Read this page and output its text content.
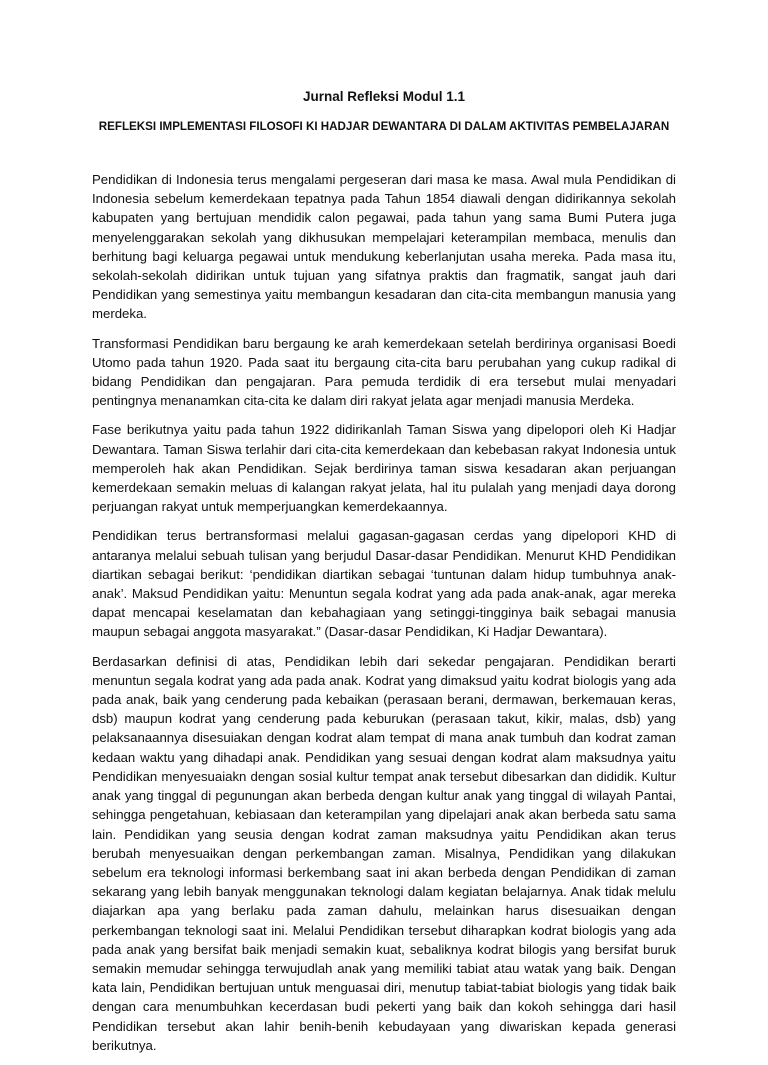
Jurnal Refleksi Modul 1.1
REFLEKSI IMPLEMENTASI FILOSOFI KI HADJAR DEWANTARA DI DALAM AKTIVITAS PEMBELAJARAN

Pendidikan di Indonesia terus mengalami pergeseran dari masa ke masa. Awal mula Pendidikan di Indonesia sebelum kemerdekaan tepatnya pada Tahun 1854 diawali dengan didirikannya sekolah kabupaten yang bertujuan mendidik calon pegawai, pada tahun yang sama Bumi Putera juga menyelenggarakan sekolah yang dikhusukan mempelajari keterampilan membaca, menulis dan berhitung bagi keluarga pegawai untuk mendukung keberlanjutan usaha mereka. Pada masa itu, sekolah-sekolah didirikan untuk tujuan yang sifatnya praktis dan fragmatik, sangat jauh dari Pendidikan yang semestinya yaitu membangun kesadaran dan cita-cita membangun manusia yang merdeka.

Transformasi Pendidikan baru bergaung ke arah kemerdekaan setelah berdirinya organisasi Boedi Utomo pada tahun 1920. Pada saat itu bergaung cita-cita baru perubahan yang cukup radikal di bidang Pendidikan dan pengajaran. Para pemuda terdidik di era tersebut mulai menyadari pentingnya menanamkan cita-cita ke dalam diri rakyat jelata agar menjadi manusia Merdeka.

Fase berikutnya yaitu pada tahun 1922 didirikanlah Taman Siswa yang dipelopori oleh Ki Hadjar Dewantara. Taman Siswa terlahir dari cita-cita kemerdekaan dan kebebasan rakyat Indonesia untuk memperoleh hak akan Pendidikan. Sejak berdirinya taman siswa kesadaran akan perjuangan kemerdekaan semakin meluas di kalangan rakyat jelata, hal itu pulalah yang menjadi daya dorong perjuangan rakyat untuk memperjuangkan kemerdekaannya.

Pendidikan terus bertransformasi melalui gagasan-gagasan cerdas yang dipelopori KHD di antaranya melalui sebuah tulisan yang berjudul Dasar-dasar Pendidikan. Menurut KHD Pendidikan diartikan sebagai berikut: ‘pendidikan diartikan sebagai ‘tuntunan dalam hidup tumbuhnya anak-anak’. Maksud Pendidikan yaitu: Menuntun segala kodrat yang ada pada anak-anak, agar mereka dapat mencapai keselamatan dan kebahagiaan yang setinggi-tingginya baik sebagai manusia maupun sebagai anggota masyarakat.” (Dasar-dasar Pendidikan, Ki Hadjar Dewantara).

Berdasarkan definisi di atas, Pendidikan lebih dari sekedar pengajaran. Pendidikan berarti menuntun segala kodrat yang ada pada anak. Kodrat yang dimaksud yaitu kodrat biologis yang ada pada anak, baik yang cenderung pada kebaikan (perasaan berani, dermawan, berkemauan keras, dsb) maupun kodrat yang cenderung pada keburukan (perasaan takut, kikir, malas, dsb) yang pelaksanaannya disesuiakan dengan kodrat alam tempat di mana anak tumbuh dan kodrat zaman kedaan waktu yang dihadapi anak. Pendidikan yang sesuai dengan kodrat alam maksudnya yaitu Pendidikan menyesuaiakn dengan sosial kultur tempat anak tersebut dibesarkan dan dididik. Kultur anak yang tinggal di pegunungan akan berbeda dengan kultur anak yang tinggal di wilayah Pantai, sehingga pengetahuan, kebiasaan dan keterampilan yang dipelajari anak akan berbeda satu sama lain. Pendidikan yang seusia dengan kodrat zaman maksudnya yaitu Pendidikan akan terus berubah menyesuaikan dengan perkembangan zaman. Misalnya, Pendidikan yang dilakukan sebelum era teknologi informasi berkembang saat ini akan berbeda dengan Pendidikan di zaman sekarang yang lebih banyak menggunakan teknologi dalam kegiatan belajarnya. Anak tidak melulu diajarkan apa yang berlaku pada zaman dahulu, melainkan harus disesuaikan dengan perkembangan teknologi saat ini. Melalui Pendidikan tersebut diharapkan kodrat biologis yang ada pada anak yang bersifat baik menjadi semakin kuat, sebaliknya kodrat bilogis yang bersifat buruk semakin memudar sehingga terwujudlah anak yang memiliki tabiat atau watak yang baik. Dengan kata lain, Pendidikan bertujuan untuk menguasai diri, menutup tabiat-tabiat biologis yang tidak baik dengan cara menumbuhkan kecerdasan budi pekerti yang baik dan kokoh sehingga dari hasil Pendidikan tersebut akan lahir benih-benih kebudayaan yang diwariskan kepada generasi berikutnya.
